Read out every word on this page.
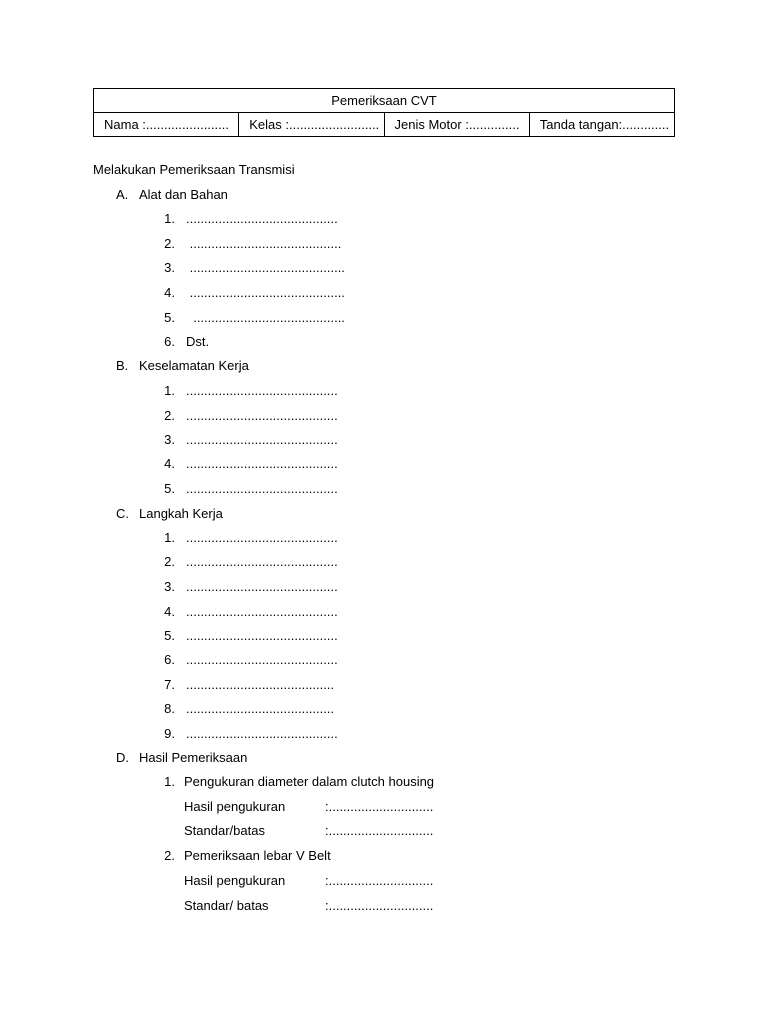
Pemeriksaan CVT
Nama :.......................	Kelas :.........................	Jenis Motor :..............	Tanda tangan:.............
Melakukan Pemeriksaan Transmisi
A. Alat dan Bahan
1. ..........................................
2. ..........................................
3. ...........................................
4. ...........................................
5. ..........................................
6. Dst.
B. Keselamatan Kerja
1. ..........................................
2. ..........................................
3. ..........................................
4. ..........................................
5. ..........................................
C. Langkah Kerja
1. ..........................................
2. ..........................................
3. ..........................................
4. ..........................................
5. ..........................................
6. ..........................................
7. .........................................
8. .........................................
9. ..........................................
D. Hasil Pemeriksaan
1. Pengukuran diameter dalam clutch housing
Hasil pengukuran	:.............................
Standar/batas	:.............................
2. Pemeriksaan lebar V Belt
Hasil pengukuran	:.............................
Standar/ batas	:.............................
